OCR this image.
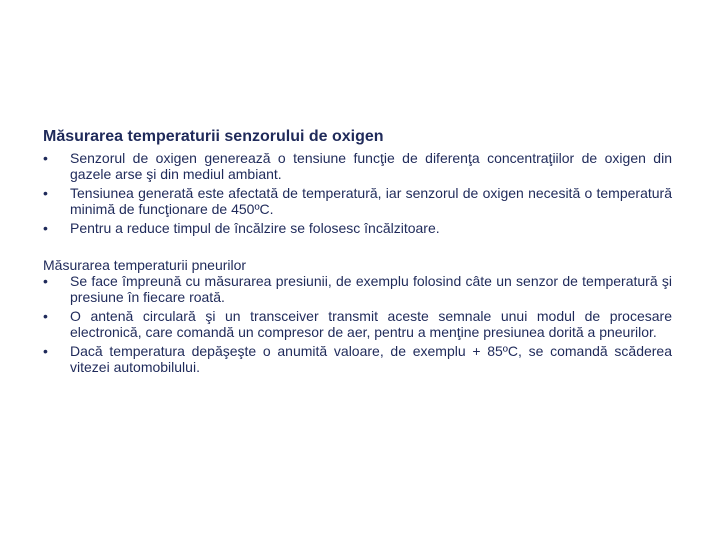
Măsurarea temperaturii senzorului de oxigen
•	Senzorul de oxigen generează o tensiune funcţie de diferenţa concentraţiilor de oxigen din gazele arse şi din mediul ambiant.
•	Tensiunea generată este afectată de temperatură, iar senzorul de oxigen necesită o temperatură minimă de funcţionare de 450ºC.
•	Pentru a reduce timpul de încălzire se folosesc încălzitoare.
Măsurarea temperaturii pneurilor
•	Se face împreună cu măsurarea presiunii, de exemplu folosind câte un senzor de temperatură şi presiune în fiecare roată.
•	O antenă circulară şi un transceiver transmit aceste semnale unui modul de procesare electronică, care comandă un compresor de aer, pentru a menţine presiunea dorită a pneurilor.
•	Dacă temperatura depăşeşte o anumită valoare, de exemplu + 85ºC, se comandă scăderea vitezei automobilului.
